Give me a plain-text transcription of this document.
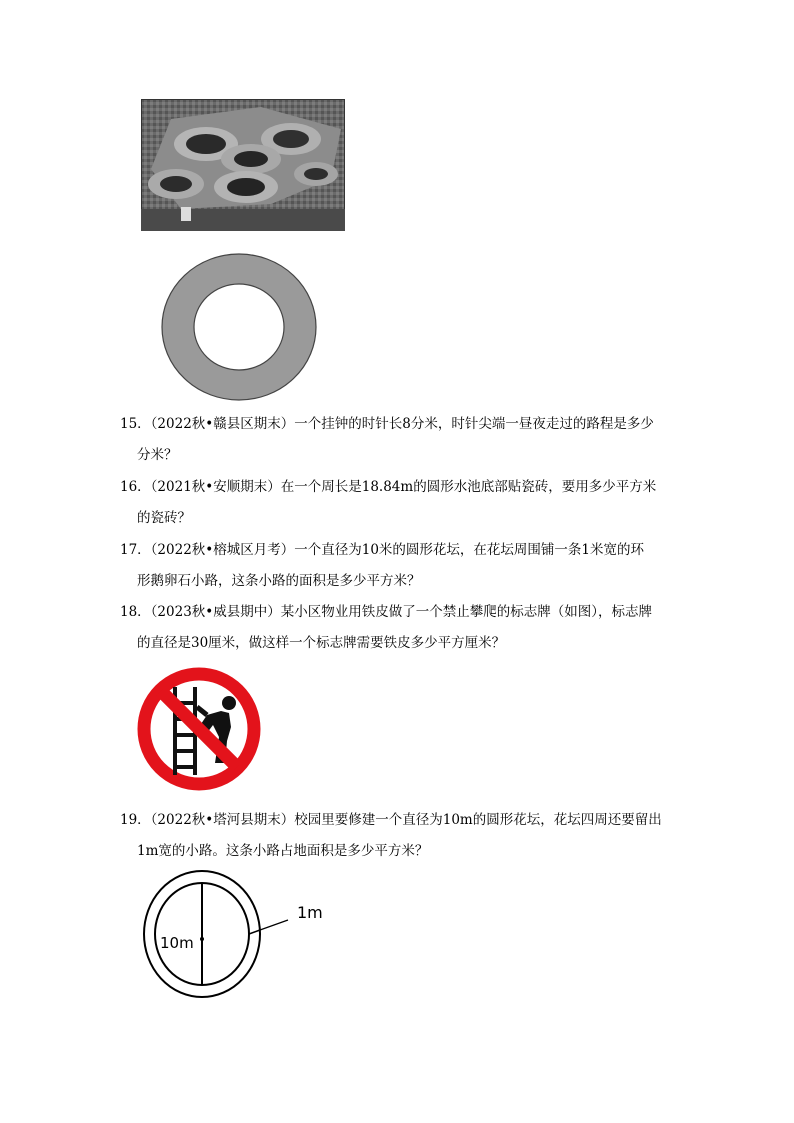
15．（2022秋•赣县区期末）一个挂钟的时针长8分米，时针尖端一昼夜走过的路程是多少
分米？
16．（2021秋•安顺期末）在一个周长是18.84m的圆形水池底部贴瓷砖，要用多少平方米
的瓷砖？
17．（2022秋•榕城区月考）一个直径为10米的圆形花坛，在花坛周围铺一条1米宽的环
形鹅卵石小路，这条小路的面积是多少平方米？
18．（2023秋•威县期中）某小区物业用铁皮做了一个禁止攀爬的标志牌（如图），标志牌
的直径是30厘米，做这样一个标志牌需要铁皮多少平方厘米？
19．（2022秋•塔河县期末）校园里要修建一个直径为10m的圆形花坛，花坛四周还要留出
1m宽的小路。这条小路占地面积是多少平方米？
10m
1m
